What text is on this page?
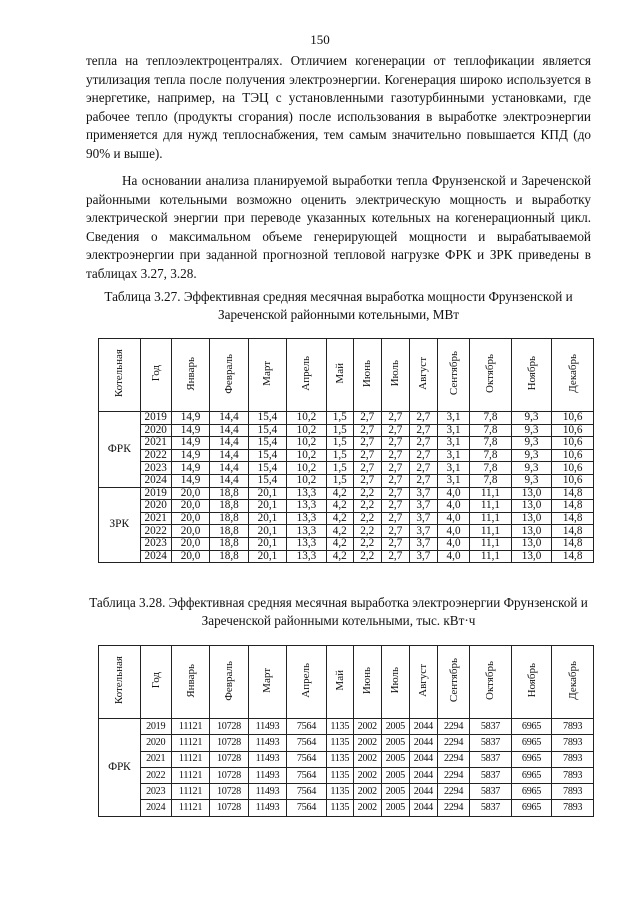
150

тепла на теплоэлектроцентралях. Отличием когенерации от теплофикации является утилизация тепла после получения электроэнергии. Когенерация широко используется в энергетике, например, на ТЭЦ с установленными газотурбинными установками, где рабочее тепло (продукты сгорания) после использования в выработке электроэнергии применяется для нужд теплоснабжения, тем самым значительно повышается КПД (до 90% и выше).

На основании анализа планируемой выработки тепла Фрунзенской и Зареченской районными котельными возможно оценить электрическую мощность и выработку электрической энергии при переводе указанных котельных на когенерационный цикл. Сведения о максимальном объеме генерирующей мощности и вырабатываемой электроэнергии при заданной прогнозной тепловой нагрузке ФРК и ЗРК приведены в таблицах 3.27, 3.28.

Таблица 3.27. Эффективная средняя месячная выработка мощности Фрунзенской и Зареченской районными котельными, МВт

Котельная	Год	Январь	Февраль	Март	Апрель	Май	Июнь	Июль	Август	Сентябрь	Октябрь	Ноябрь	Декабрь
ФРК	2019	14,9	14,4	15,4	10,2	1,5	2,7	2,7	2,7	3,1	7,8	9,3	10,6
	2020	14,9	14,4	15,4	10,2	1,5	2,7	2,7	2,7	3,1	7,8	9,3	10,6
	2021	14,9	14,4	15,4	10,2	1,5	2,7	2,7	2,7	3,1	7,8	9,3	10,6
	2022	14,9	14,4	15,4	10,2	1,5	2,7	2,7	2,7	3,1	7,8	9,3	10,6
	2023	14,9	14,4	15,4	10,2	1,5	2,7	2,7	2,7	3,1	7,8	9,3	10,6
	2024	14,9	14,4	15,4	10,2	1,5	2,7	2,7	2,7	3,1	7,8	9,3	10,6
ЗРК	2019	20,0	18,8	20,1	13,3	4,2	2,2	2,7	3,7	4,0	11,1	13,0	14,8
	2020	20,0	18,8	20,1	13,3	4,2	2,2	2,7	3,7	4,0	11,1	13,0	14,8
	2021	20,0	18,8	20,1	13,3	4,2	2,2	2,7	3,7	4,0	11,1	13,0	14,8
	2022	20,0	18,8	20,1	13,3	4,2	2,2	2,7	3,7	4,0	11,1	13,0	14,8
	2023	20,0	18,8	20,1	13,3	4,2	2,2	2,7	3,7	4,0	11,1	13,0	14,8
	2024	20,0	18,8	20,1	13,3	4,2	2,2	2,7	3,7	4,0	11,1	13,0	14,8

Таблица 3.28. Эффективная средняя месячная выработка электроэнергии Фрунзенской и Зареченской районными котельными, тыс. кВт·ч

Котельная	Год	Январь	Февраль	Март	Апрель	Май	Июнь	Июль	Август	Сентябрь	Октябрь	Ноябрь	Декабрь
ФРК	2019	11121	10728	11493	7564	1135	2002	2005	2044	2294	5837	6965	7893
	2020	11121	10728	11493	7564	1135	2002	2005	2044	2294	5837	6965	7893
	2021	11121	10728	11493	7564	1135	2002	2005	2044	2294	5837	6965	7893
	2022	11121	10728	11493	7564	1135	2002	2005	2044	2294	5837	6965	7893
	2023	11121	10728	11493	7564	1135	2002	2005	2044	2294	5837	6965	7893
	2024	11121	10728	11493	7564	1135	2002	2005	2044	2294	5837	6965	7893
